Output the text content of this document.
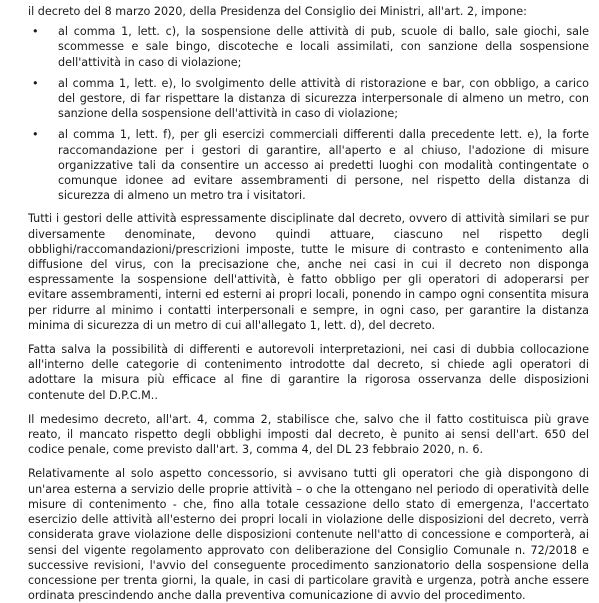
il decreto del 8 marzo 2020, della Presidenza del Consiglio dei Ministri, all'art. 2, impone:

• al comma 1, lett. c), la sospensione delle attività di pub, scuole di ballo, sale giochi, sale scommesse e sale bingo, discoteche e locali assimilati, con sanzione della sospensione dell'attività in caso di violazione;
• al comma 1, lett. e), lo svolgimento delle attività di ristorazione e bar, con obbligo, a carico del gestore, di far rispettare la distanza di sicurezza interpersonale di almeno un metro, con sanzione della sospensione dell'attività in caso di violazione;
• al comma 1, lett. f), per gli esercizi commerciali differenti dalla precedente lett. e), la forte raccomandazione per i gestori di garantire, all'aperto e al chiuso, l'adozione di misure organizzative tali da consentire un accesso ai predetti luoghi con modalità contingentate o comunque idonee ad evitare assembramenti di persone, nel rispetto della distanza di sicurezza di almeno un metro tra i visitatori.

Tutti i gestori delle attività espressamente disciplinate dal decreto, ovvero di attività similari se pur diversamente denominate, devono quindi attuare, ciascuno nel rispetto degli obblighi/raccomandazioni/prescrizioni imposte, tutte le misure di contrasto e contenimento alla diffusione del virus, con la precisazione che, anche nei casi in cui il decreto non disponga espressamente la sospensione dell'attività, è fatto obbligo per gli operatori di adoperarsi per evitare assembramenti, interni ed esterni ai propri locali, ponendo in campo ogni consentita misura per ridurre al minimo i contatti interpersonali e sempre, in ogni caso, per garantire la distanza minima di sicurezza di un metro di cui all'allegato 1, lett. d), del decreto.

Fatta salva la possibilità di differenti e autorevoli interpretazioni, nei casi di dubbia collocazione all'interno delle categorie di contenimento introdotte dal decreto, si chiede agli operatori di adottare la misura più efficace al fine di garantire la rigorosa osservanza delle disposizioni contenute del D.P.C.M..

Il medesimo decreto, all'art. 4, comma 2, stabilisce che, salvo che il fatto costituisca più grave reato, il mancato rispetto degli obblighi imposti dal decreto, è punito ai sensi dell'art. 650 del codice penale, come previsto dall'art. 3, comma 4, del DL 23 febbraio 2020, n. 6.

Relativamente al solo aspetto concessorio, si avvisano tutti gli operatori che già dispongono di un'area esterna a servizio delle proprie attività – o che la ottengano nel periodo di operatività delle misure di contenimento - che, fino alla totale cessazione dello stato di emergenza, l'accertato esercizio delle attività all'esterno dei propri locali in violazione delle disposizioni del decreto, verrà considerata grave violazione delle disposizioni contenute nell'atto di concessione e comporterà, ai sensi del vigente regolamento approvato con deliberazione del Consiglio Comunale n. 72/2018 e successive revisioni, l'avvio del conseguente procedimento sanzionatorio della sospensione della concessione per trenta giorni, la quale, in casi di particolare gravità e urgenza, potrà anche essere ordinata prescindendo anche dalla preventiva comunicazione di avvio del procedimento.
